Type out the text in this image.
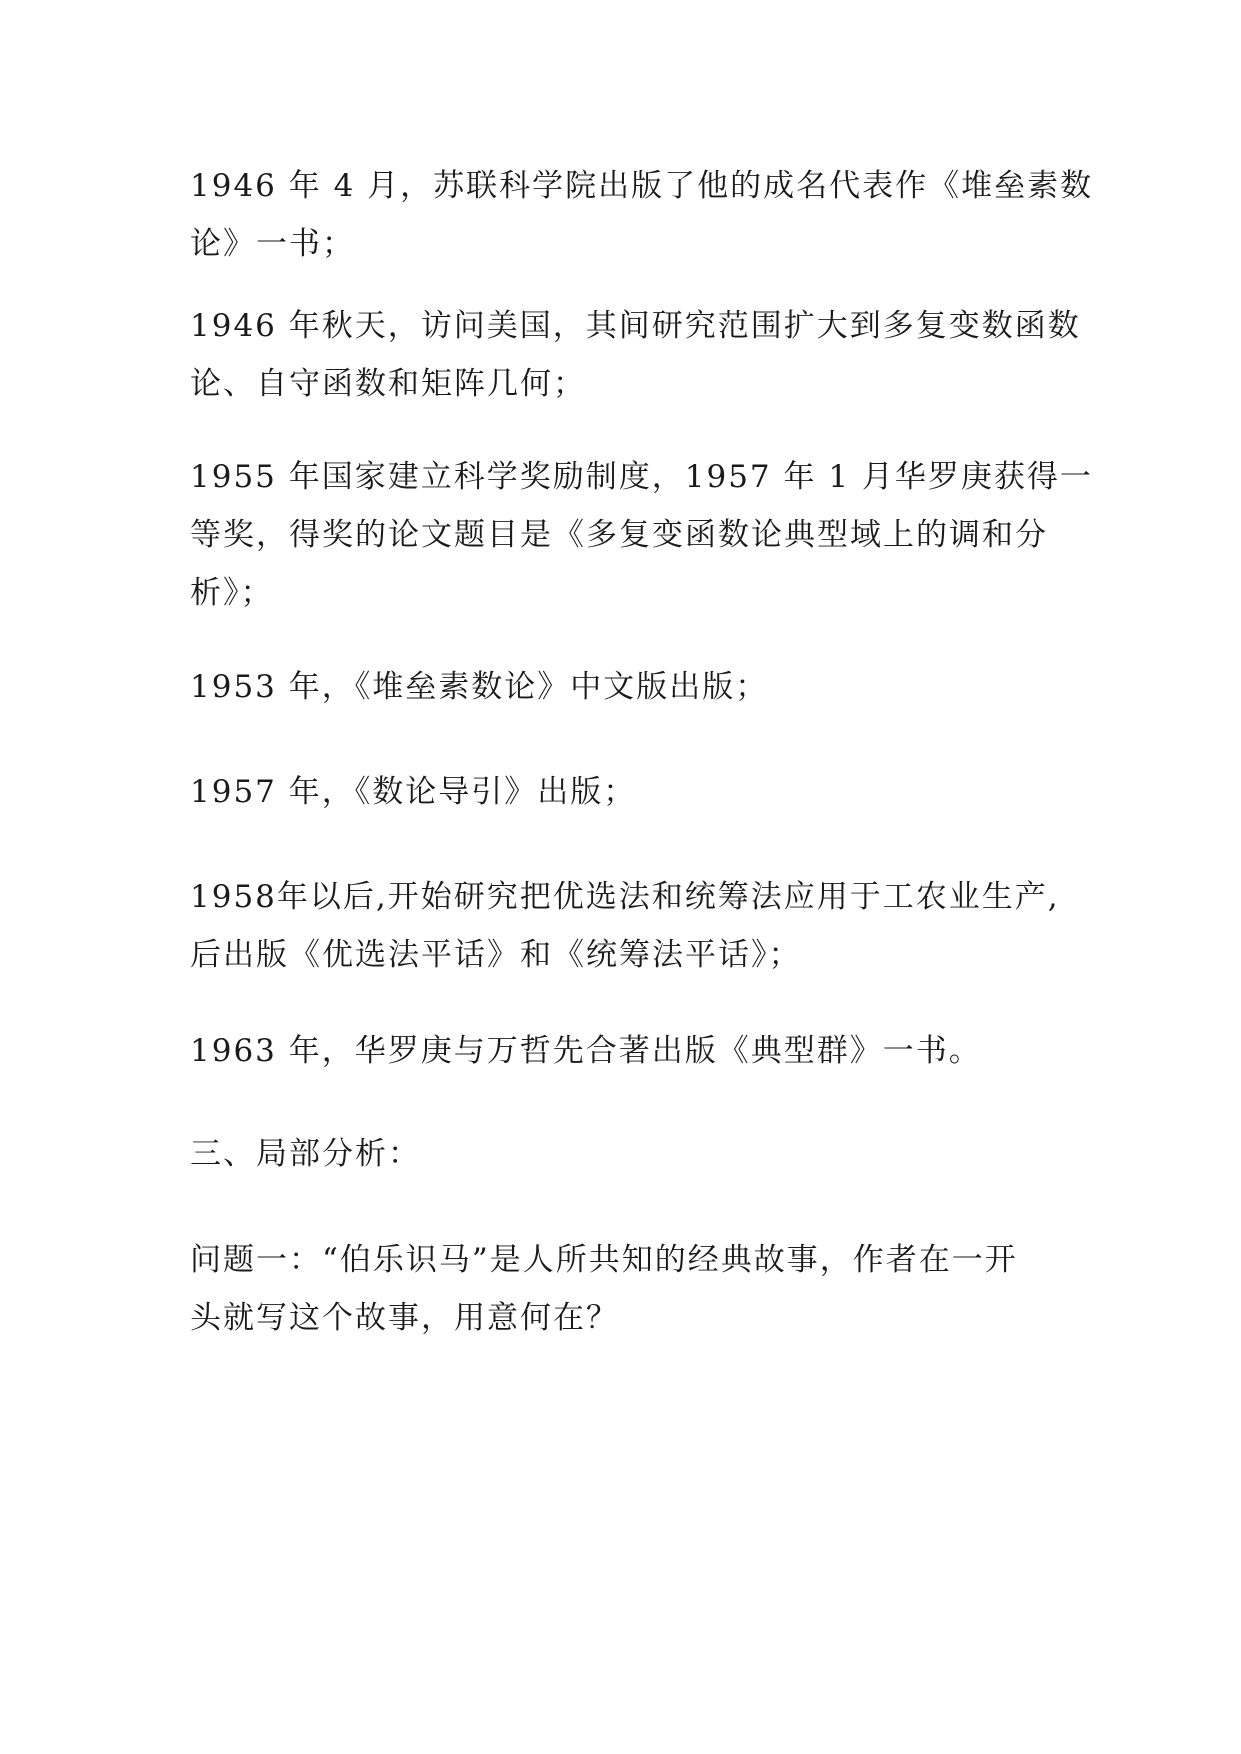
1946 年 4 月，苏联科学院出版了他的成名代表作《堆垒素数
论》一书；
1946 年秋天，访问美国，其间研究范围扩大到多复变数函数
论、自守函数和矩阵几何；
1955 年国家建立科学奖励制度，1957 年 1 月华罗庚获得一
等奖，得奖的论文题目是《多复变函数论典型域上的调和分
析》；
1953 年，《堆垒素数论》中文版出版；
1957 年，《数论导引》出版；
1958年以后,开始研究把优选法和统筹法应用于工农业生产,
后出版《优选法平话》和《统筹法平话》；
1963 年，华罗庚与万哲先合著出版《典型群》一书。
三、局部分析：
问题一：“伯乐识马”是人所共知的经典故事，作者在一开
头就写这个故事，用意何在？
